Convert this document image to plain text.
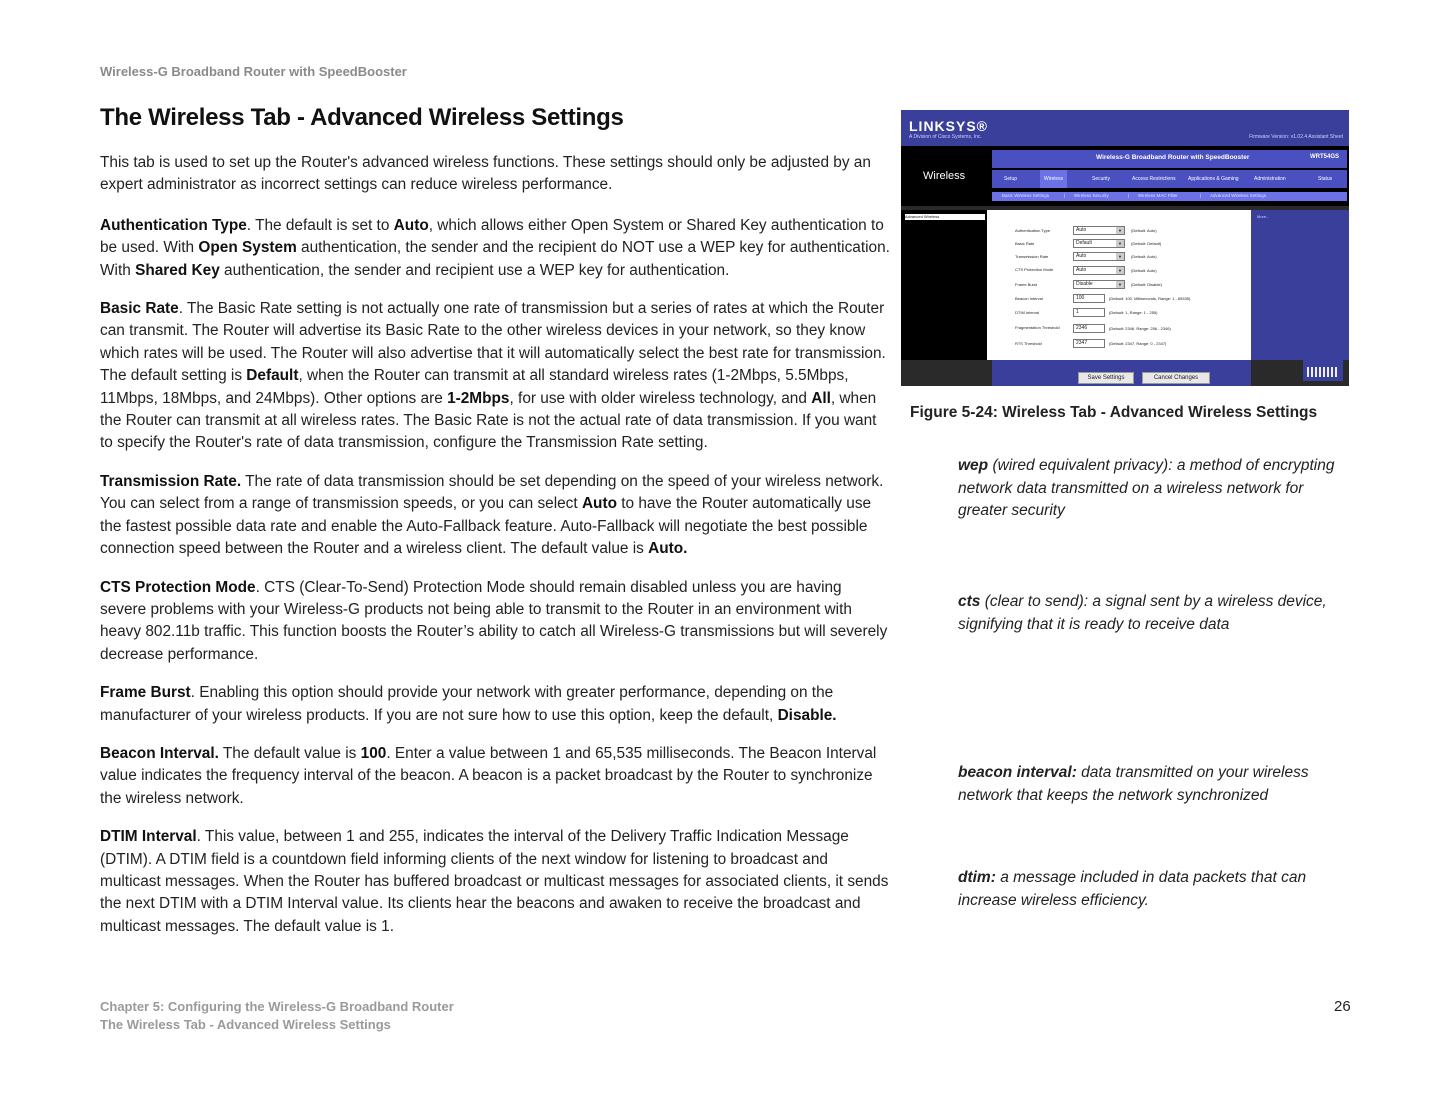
Wireless-G Broadband Router with SpeedBooster
The Wireless Tab - Advanced Wireless Settings

This tab is used to set up the Router's advanced wireless functions. These settings should only be adjusted by an expert administrator as incorrect settings can reduce wireless performance.

Authentication Type. The default is set to Auto, which allows either Open System or Shared Key authentication to be used. With Open System authentication, the sender and the recipient do NOT use a WEP key for authentication. With Shared Key authentication, the sender and recipient use a WEP key for authentication.

Basic Rate. The Basic Rate setting is not actually one rate of transmission but a series of rates at which the Router can transmit. The Router will advertise its Basic Rate to the other wireless devices in your network, so they know which rates will be used. The Router will also advertise that it will automatically select the best rate for transmission. The default setting is Default, when the Router can transmit at all standard wireless rates (1-2Mbps, 5.5Mbps, 11Mbps, 18Mbps, and 24Mbps). Other options are 1-2Mbps, for use with older wireless technology, and All, when the Router can transmit at all wireless rates. The Basic Rate is not the actual rate of data transmission. If you want to specify the Router's rate of data transmission, configure the Transmission Rate setting.

Transmission Rate. The rate of data transmission should be set depending on the speed of your wireless network. You can select from a range of transmission speeds, or you can select Auto to have the Router automatically use the fastest possible data rate and enable the Auto-Fallback feature. Auto-Fallback will negotiate the best possible connection speed between the Router and a wireless client. The default value is Auto.

CTS Protection Mode. CTS (Clear-To-Send) Protection Mode should remain disabled unless you are having severe problems with your Wireless-G products not being able to transmit to the Router in an environment with heavy 802.11b traffic. This function boosts the Router’s ability to catch all Wireless-G transmissions but will severely decrease performance.

Frame Burst. Enabling this option should provide your network with greater performance, depending on the manufacturer of your wireless products. If you are not sure how to use this option, keep the default, Disable.

Beacon Interval. The default value is 100. Enter a value between 1 and 65,535 milliseconds. The Beacon Interval value indicates the frequency interval of the beacon. A beacon is a packet broadcast by the Router to synchronize the wireless network.

DTIM Interval. This value, between 1 and 255, indicates the interval of the Delivery Traffic Indication Message (DTIM). A DTIM field is a countdown field informing clients of the next window for listening to broadcast and multicast messages. When the Router has buffered broadcast or multicast messages for associated clients, it sends the next DTIM with a DTIM Interval value. Its clients hear the beacons and awaken to receive the broadcast and multicast messages. The default value is 1.

LINKSYS®
A Division of Cisco Systems, Inc.	Firmware Version: v1.02.4 Assistant Sheet
Wireless
Wireless-G Broadband Router with SpeedBooster	WRT54GS
Setup	Wireless	Security	Access Restrictions Applications & Gaming	Administration	Status
Basic Wireless Settings	| Wireless Security	| Wireless MAC Filter	| Advanced Wireless Settings
Advanced Wireless	More...
Authentication Type	Auto	▼	(Default: Auto)
Basic Rate	Default	▼	(Default: Default)
Transmission Rate	Auto	▼	(Default: Auto)
CTS Protection Mode	Auto	▼	(Default: Auto)
Frame Burst	Disable	▼	(Default: Disable)
Beacon Interval	100	(Default: 100, Milliseconds, Range: 1 - 65535)
DTIM Interval	1	(Default: 1, Range: 1 - 255)
Fragmentation Threshold	2346	(Default: 2346, Range: 256 - 2346)
RTS Threshold	2347	(Default: 2347, Range: 0 - 2347)
Save Settings	Cancel Changes
Figure 5-24: Wireless Tab - Advanced Wireless Settings
wep (wired equivalent privacy): a method of encrypting network data transmitted on a wireless network for greater security
cts (clear to send): a signal sent by a wireless device, signifying that it is ready to receive data
beacon interval: data transmitted on your wireless network that keeps the network synchronized
dtim: a message included in data packets that can increase wireless efficiency.
Chapter 5: Configuring the Wireless-G Broadband Router
The Wireless Tab - Advanced Wireless Settings
26
